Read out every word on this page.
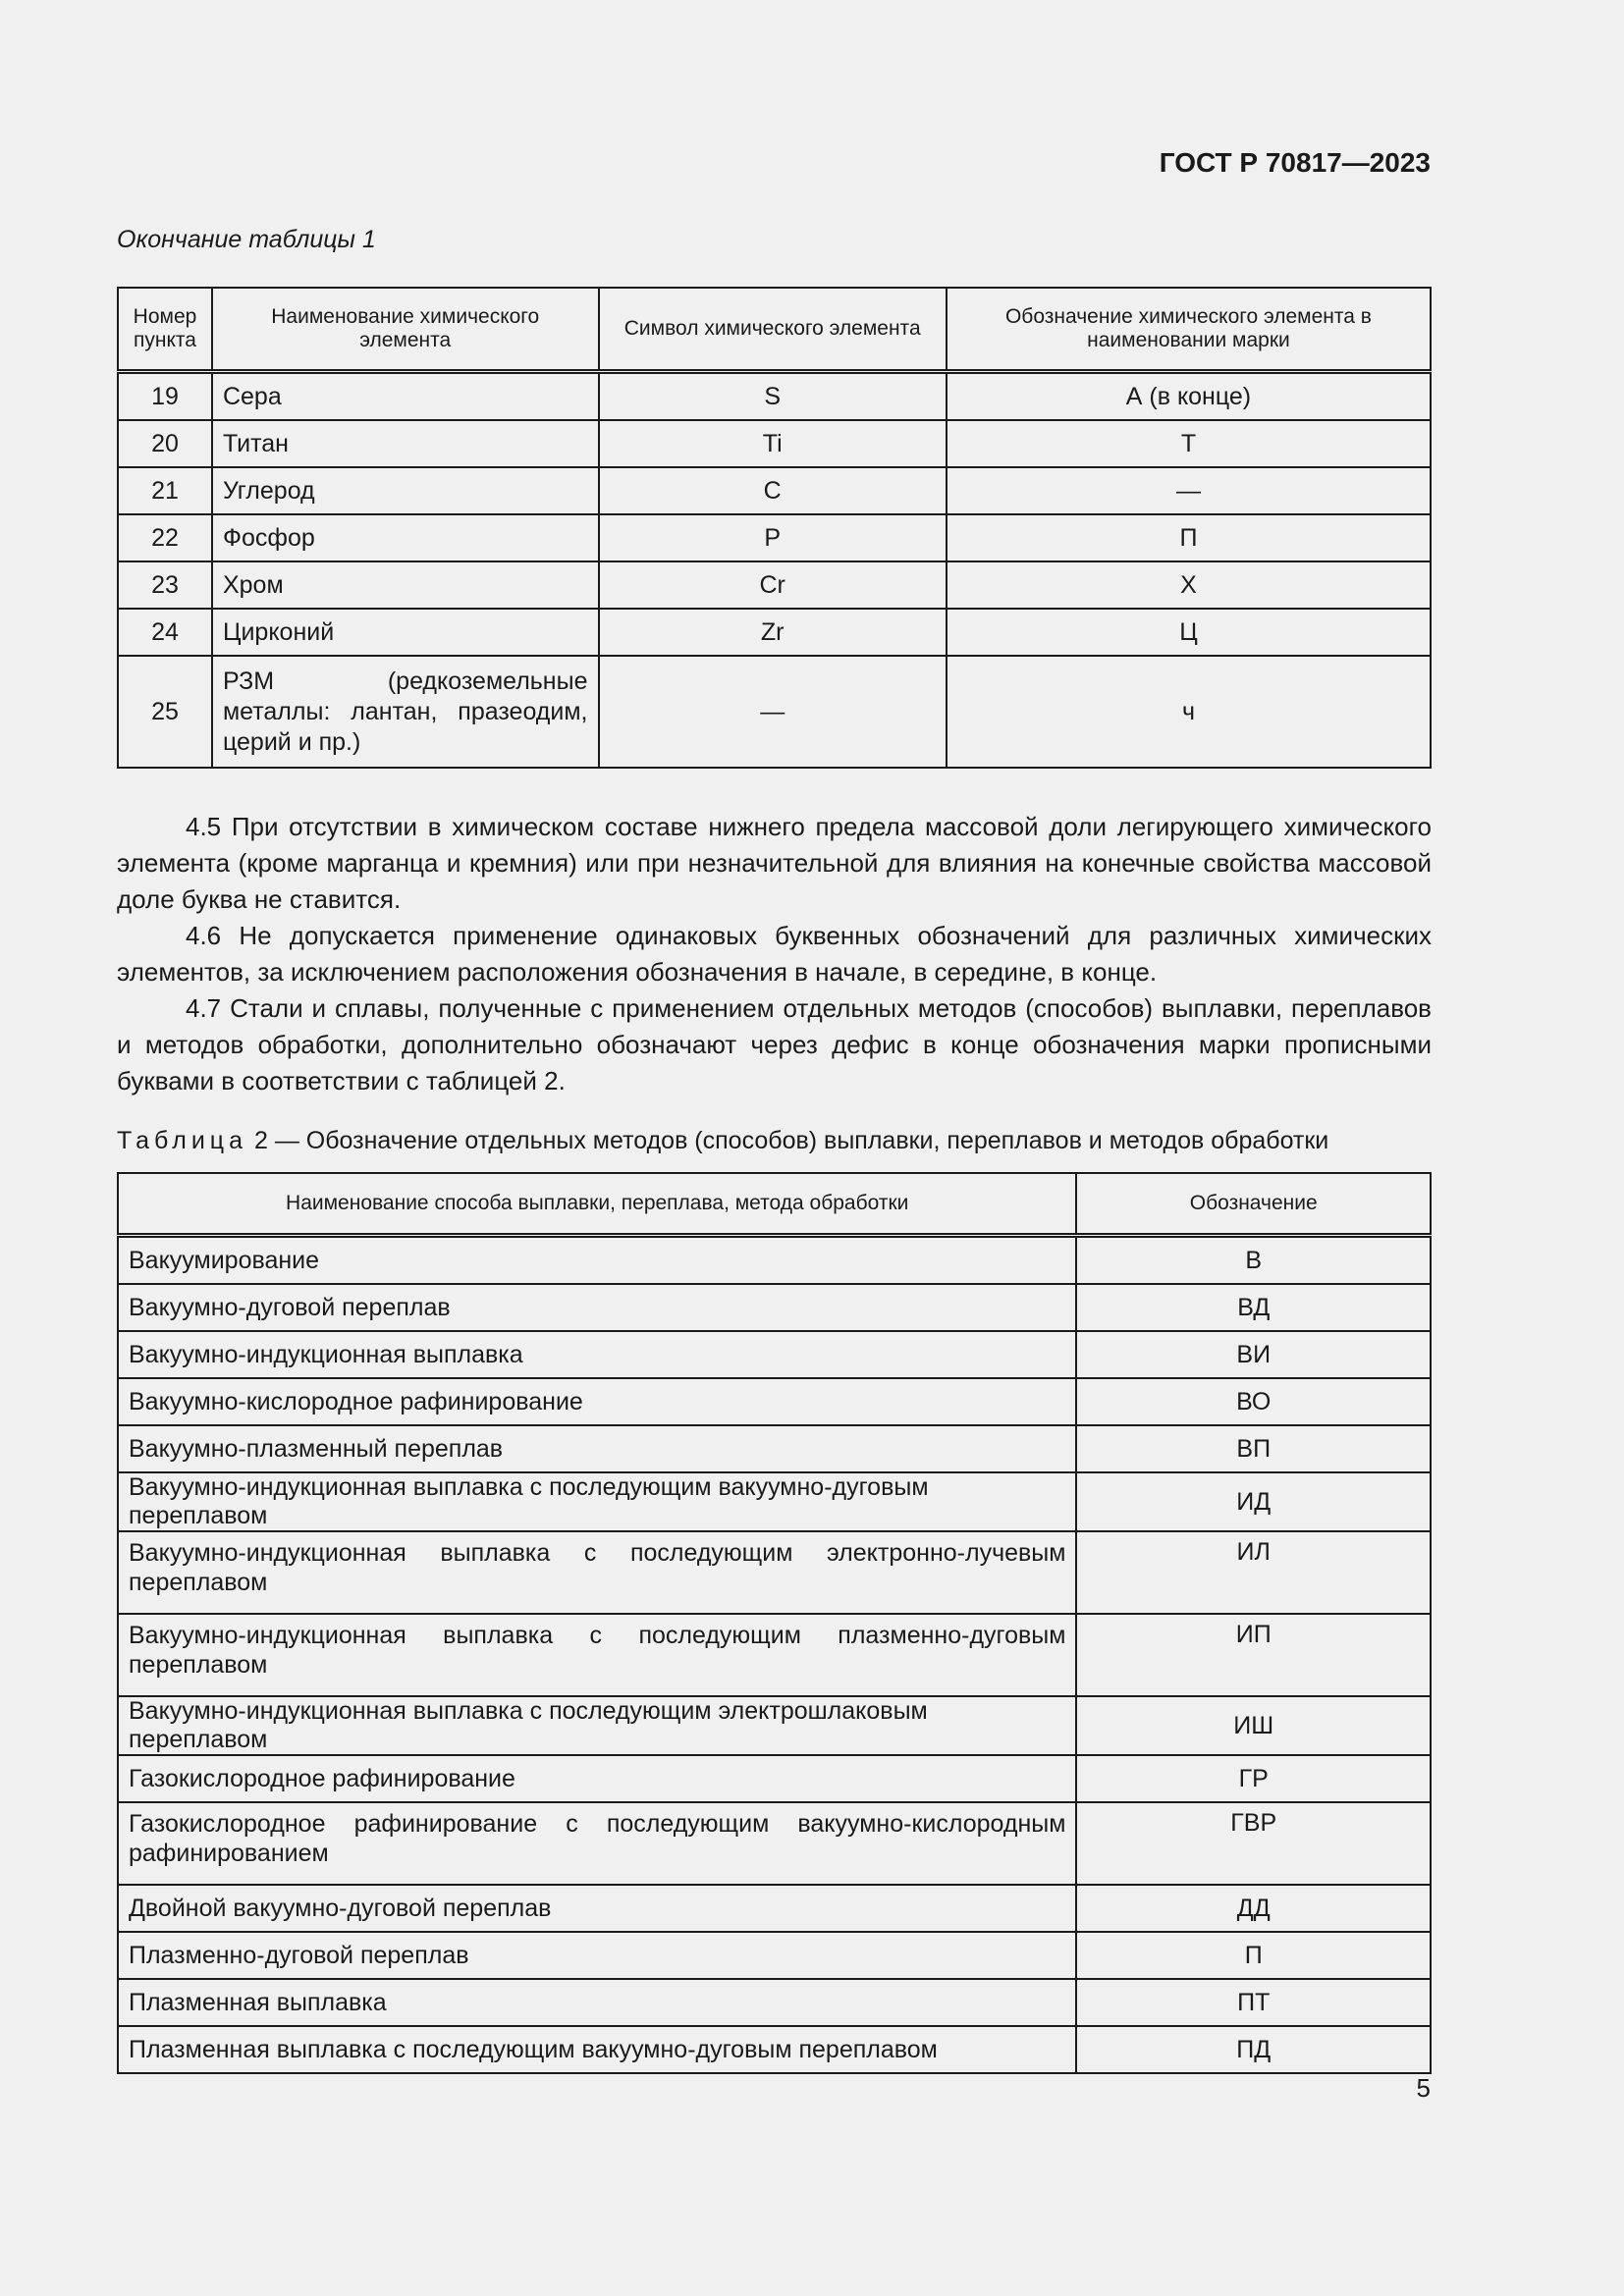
ГОСТ Р 70817—2023
Окончание таблицы 1
Номер пункта	Наименование химического элемента	Символ химического элемента	Обозначение химического элемента в наименовании марки
19	Сера	S	А (в конце)
20	Титан	Ti	Т
21	Углерод	С	—
22	Фосфор	P	П
23	Хром	Cr	Х
24	Цирконий	Zr	Ц
25	РЗМ (редкоземельные металлы: лантан, празеодим, церий и пр.)	—	ч

4.5 При отсутствии в химическом составе нижнего предела массовой доли легирующего химического элемента (кроме марганца и кремния) или при незначительной для влияния на конечные свойства массовой доле буква не ставится.

4.6 Не допускается применение одинаковых буквенных обозначений для различных химических элементов, за исключением расположения обозначения в начале, в середине, в конце.

4.7 Стали и сплавы, полученные с применением отдельных методов (способов) выплавки, переплавов и методов обработки, дополнительно обозначают через дефис в конце обозначения марки прописными буквами в соответствии с таблицей 2.

Таблица 2 — Обозначение отдельных методов (способов) выплавки, переплавов и методов обработки
Наименование способа выплавки, переплава, метода обработки	Обозначение
Вакуумирование	В
Вакуумно-дуговой переплав	ВД
Вакуумно-индукционная выплавка	ВИ
Вакуумно-кислородное рафинирование	ВО
Вакуумно-плазменный переплав	ВП
Вакуумно-индукционная выплавка с последующим вакуумно-дуговым переплавом	ИД
Вакуумно-индукционная выплавка с последующим электронно-лучевым переплавом	ИЛ
Вакуумно-индукционная выплавка с последующим плазменно-дуговым переплавом	ИП
Вакуумно-индукционная выплавка с последующим электрошлаковым переплавом	ИШ
Газокислородное рафинирование	ГР
Газокислородное рафинирование с последующим вакуумно-кислородным рафинированием	ГВР
Двойной вакуумно-дуговой переплав	ДД
Плазменно-дуговой переплав	П
Плазменная выплавка	ПТ
Плазменная выплавка с последующим вакуумно-дуговым переплавом	ПД
5
